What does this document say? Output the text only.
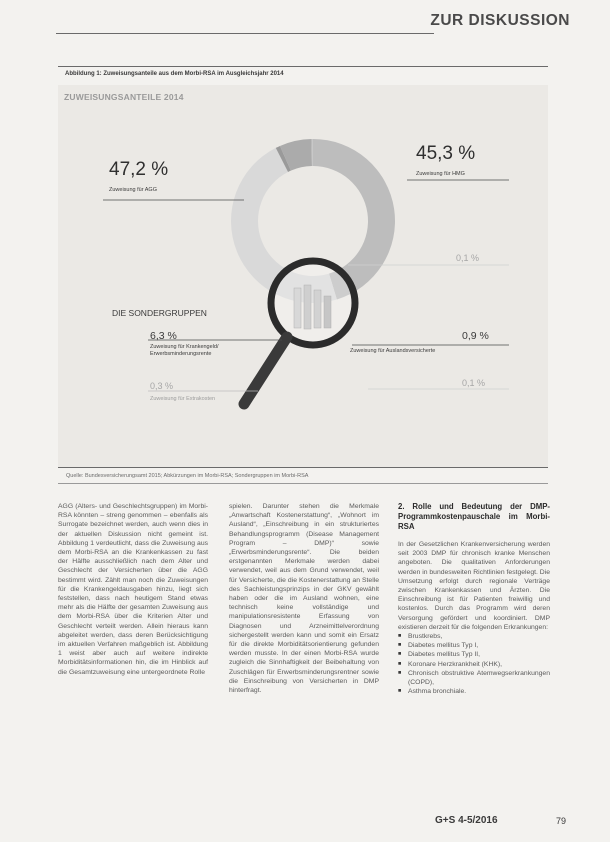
ZUR DISKUSSION
Abbildung 1: Zuweisungsanteile aus dem Morbi-RSA im Ausgleichsjahr 2014
ZUWEISUNGSANTEILE 2014
47,2 %
Zuweisung für AGG
45,3 %
Zuweisung für HMG
0,1 %
DIE SONDERGRUPPEN
6,3 %
Zuweisung für Krankengeld/ Erwerbsminderungsrente
0,9 %
Zuweisung für Auslandsversicherte
0,3 %
Zuweisung für Extrakosten
0,1 %
Quelle: Bundesversicherungsamt 2015; Abkürzungen im Morbi-RSA; Sondergruppen im Morbi-RSA

AGG (Alters- und Geschlechtsgruppen) im Morbi-RSA könnten – streng genommen – ebenfalls als Surrogate bezeichnet werden, auch wenn dies in der aktuellen Diskussion nicht gemeint ist. Abbildung 1 verdeutlicht, dass die Zuweisung aus dem Morbi-RSA an die Krankenkassen zu fast der Hälfte ausschließlich nach dem Alter und Geschlecht der Versicherten über die AGG bestimmt wird. Zählt man noch die Zuweisungen für die Krankengeldausgaben hinzu, liegt sich feststellen, dass nach heutigem Stand etwas mehr als die Hälfte der gesamten Zuweisung aus dem Morbi-RSA über die Kriterien Alter und Geschlecht verteilt werden. Allein hieraus kann abgeleitet werden, dass deren Berücksichtigung im aktuellen Verfahren maßgeblich ist. Abbildung 1 weist aber auch auf weitere indirekte Morbiditätsinformationen hin, die im Hinblick auf die Gesamtzuweisung eine untergeordnete Rolle

spielen. Darunter stehen die Merkmale „Anwartschaft Kostenerstattung“, „Wohnort im Ausland“, „Einschreibung in ein strukturiertes Behandlungsprogramm (Disease Management Program – DMP)“ sowie „Erwerbsminderungsrente“. Die beiden erstgenannten Merkmale werden dabei verwendet, weil aus dem Grund verwendet, weil für Versicherte, die die Kostenerstattung an Stelle des Sachleistungsprinzips in der GKV gewählt haben oder die im Ausland wohnen, eine technisch keine vollständige und manipulationsresistente Erfassung von Diagnosen und Arzneimittelverordnung sichergestellt werden kann und somit ein Ersatz für die direkte Morbiditätsorientierung gefunden werden musste. In der einen Morbi-RSA wurde zugleich die Sinnhaftigkeit der Beibehaltung von Zuschlägen für Erwerbsminderungsrentner sowie die Einschreibung von Versicherten in DMP hinterfragt.

2. Rolle und Bedeutung der DMP-Programmkostenpauschale im Morbi-RSA

In der Gesetzlichen Krankenversicherung werden seit 2003 DMP für chronisch kranke Menschen angeboten. Die qualitativen Anforderungen werden in bundesweiten Richtlinien festgelegt. Die Umsetzung erfolgt durch regionale Verträge zwischen Krankenkassen und Ärzten. Die Einschreibung ist für Patienten freiwillig und kostenlos. Durch das Programm wird deren Versorgung gefördert und koordiniert. DMP existieren derzeit für die folgenden Erkrankungen:

■ Brustkrebs,
■ Diabetes mellitus Typ I,
■ Diabetes mellitus Typ II,
■ Koronare Herzkrankheit (KHK),
■ Chronisch obstruktive Atemwegserkrankungen (COPD),
■ Asthma bronchiale.
G+S 4-5/2016	79
